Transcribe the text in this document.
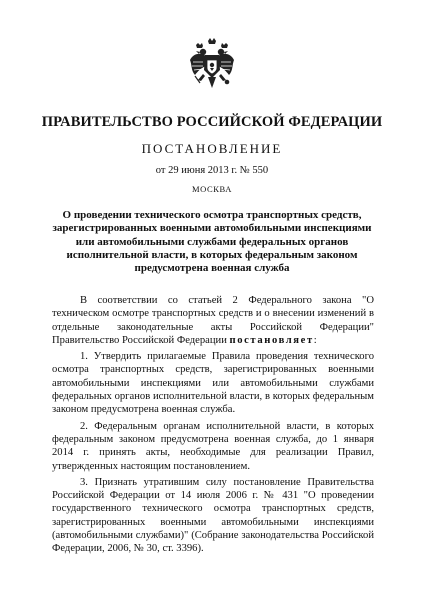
ПРАВИТЕЛЬСТВО РОССИЙСКОЙ ФЕДЕРАЦИИ
ПОСТАНОВЛЕНИЕ
от 29 июня 2013 г. № 550
МОСКВА
О проведении технического осмотра транспортных средств, зарегистрированных военными автомобильными инспекциями или автомобильными службами федеральных органов исполнительной власти, в которых федеральным законом предусмотрена военная служба

В соответствии со статьей 2 Федерального закона "О техническом осмотре транспортных средств и о внесении изменений в отдельные законодательные акты Российской Федерации" Правительство Российской Федерации постановляет:

1. Утвердить прилагаемые Правила проведения технического осмотра транспортных средств, зарегистрированных военными автомобильными инспекциями или автомобильными службами федеральных органов исполнительной власти, в которых федеральным законом предусмотрена военная служба.

2. Федеральным органам исполнительной власти, в которых федеральным законом предусмотрена военная служба, до 1 января 2014 г. принять акты, необходимые для реализации Правил, утвержденных настоящим постановлением.

3. Признать утратившим силу постановление Правительства Российской Федерации от 14 июля 2006 г. № 431 "О проведении государственного технического осмотра транспортных средств, зарегистрированных военными автомобильными инспекциями (автомобильными службами)" (Собрание законодательства Российской Федерации, 2006, № 30, ст. 3396).
